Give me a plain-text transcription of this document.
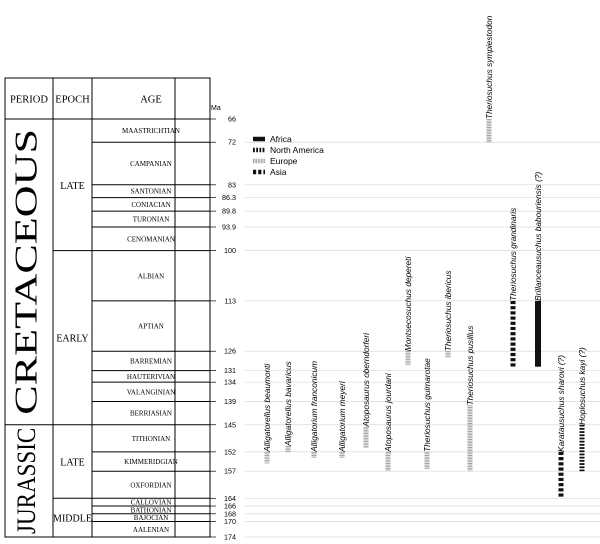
PERIOD EPOCH	AGE
CRETACEOUS
JURASSIC
LATE
EARLY
LATE
MIDDLE
MAASTRICHTIAN
CAMPANIAN
SANTONIAN
CONIACIAN
TURONIAN
CENOMANIAN
ALBIAN
APTIAN
BARREMIAN
HAUTERIVIAN
VALANGINIAN
BERRIASIAN
TITHONIAN
KIMMERIDGIAN
OXFORDIAN
CALLOVIAN
BATHONIAN
BAJOCIAN
AALENIAN
Ma
66
72
83
86.3
89.8
93.9
100
113
126
131
134
139
145
152
157
164
166
168
170
174
Africa
North America
Europe
Asia
Alligatorellus beaumonti Alligatorellus bavaricus Alligatorium franconicum Alligatorium meyeri Atoposaurus oberndorferi Atoposaurus jourdani
Montsecosuchus depereti
Theriosuchus guimarotae
Theriosuchus ibericus
Theriosuchus pusillus
Theriosuchus sympiestodon
Theriosuchus grandinaris Brillanceausuchus babouriensis (?)
Karatausuchus sharovi (?) Hoplosuchus kayi (?)
